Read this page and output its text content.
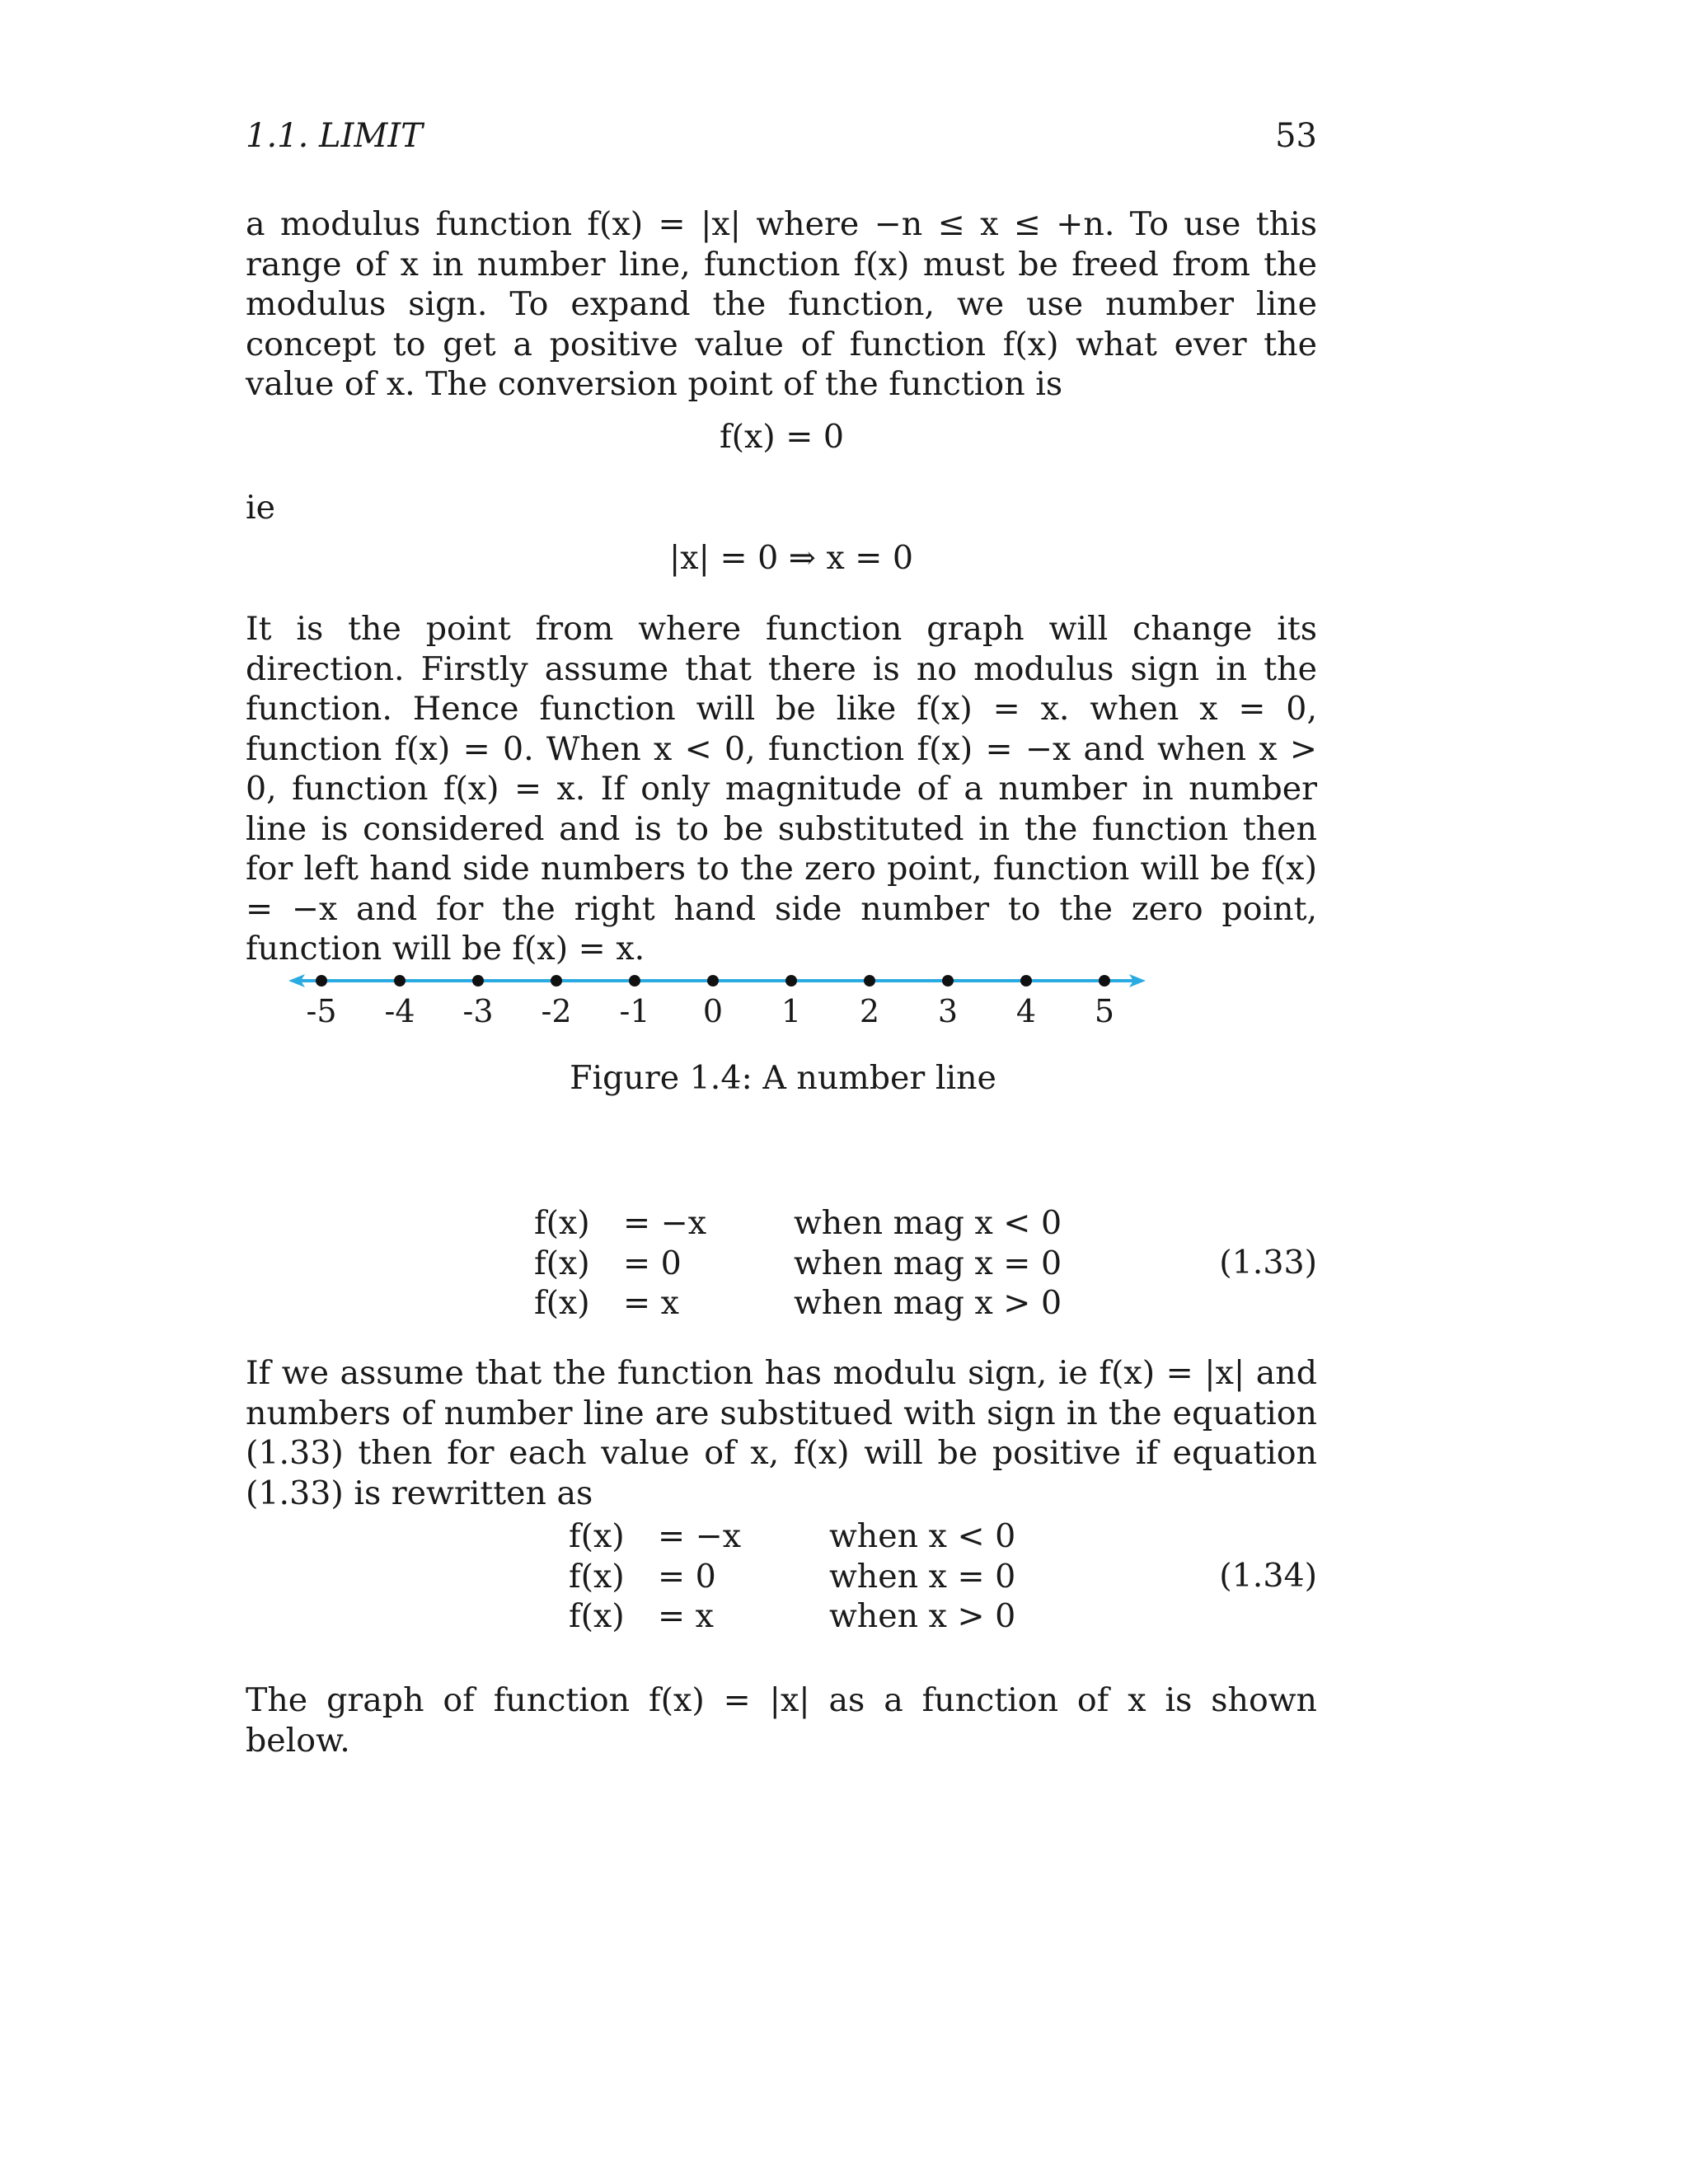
1.1. LIMIT	53

a modulus function f(x) = |x| where −n ≤ x ≤ +n. To use this range of x in number line, function f(x) must be freed from the modulus sign. To expand the function, we use number line concept to get a positive value of function f(x) what ever the value of x. The conversion point of the function is

f(x) = 0
ie
|x| = 0 ⇒ x = 0

It is the point from where function graph will change its direction. Firstly assume that there is no modulus sign in the function. Hence function will be like f(x) = x. when x = 0, function f(x) = 0. When x < 0, function f(x) = −x and when x > 0, function f(x) = x. If only magnitude of a number in number line is considered and is to be substituted in the function then for left hand side numbers to the zero point, function will be f(x) = −x and for the right hand side number to the zero point, function will be f(x) = x.

-5 -4 -3 -2 -1 0 1 2 3 4 5
Figure 1.4: A number line
f(x)
f(x)
f(x)
= −x
= 0
= x
when mag x < 0
when mag x = 0
when mag x > 0
(1.33)

If we assume that the function has modulu sign, ie f(x) = |x| and numbers of number line are substitued with sign in the equation (1.33) then for each value of x, f(x) will be positive if equation (1.33) is rewritten as

f(x)
f(x)
f(x)
= −x
= 0
= x
when x < 0
when x = 0
when x > 0
(1.34)

The graph of function f(x) = |x| as a function of x is shown below.
